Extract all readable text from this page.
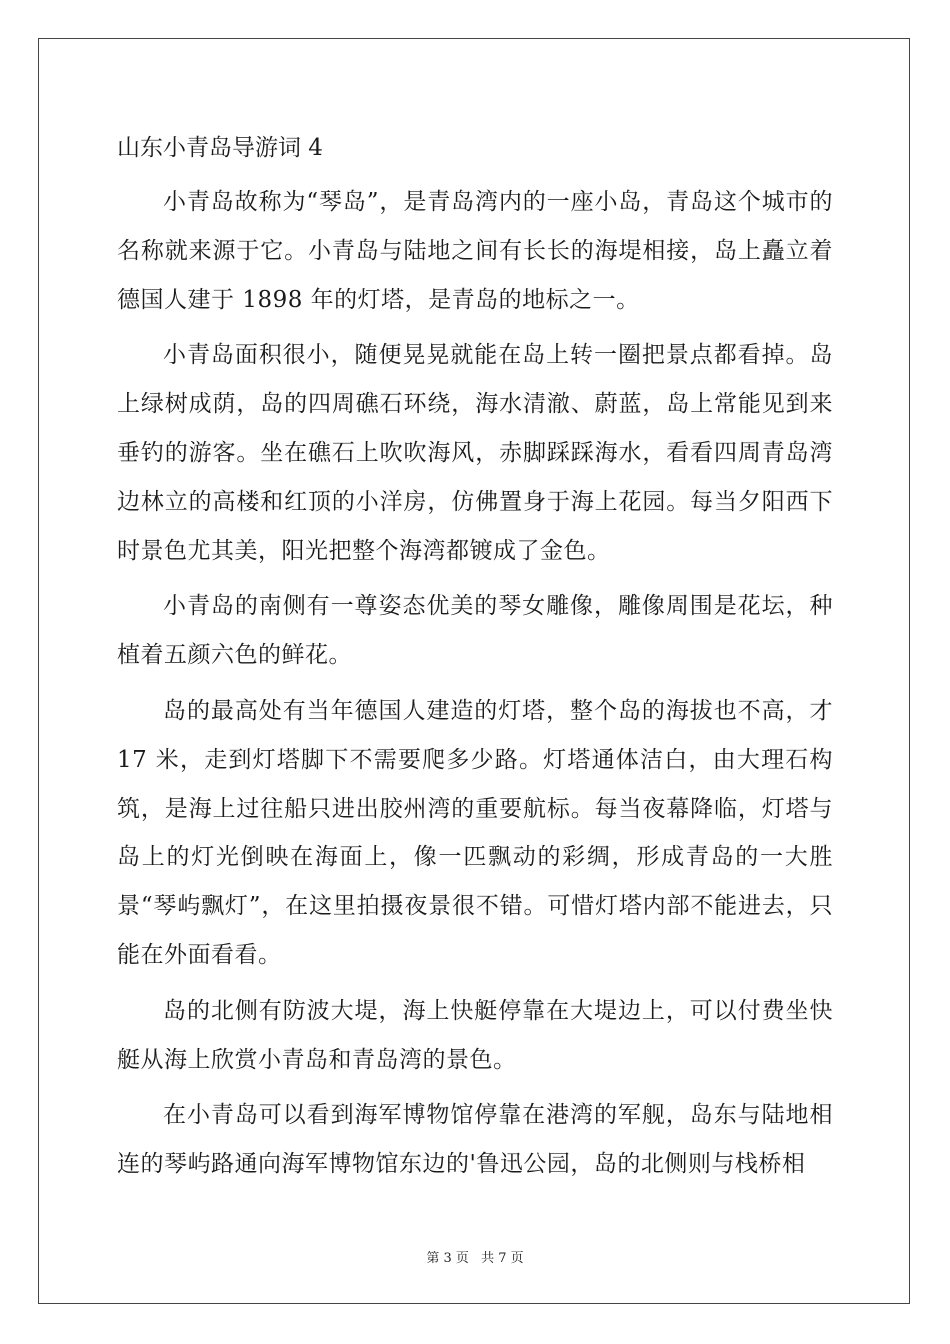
山东小青岛导游词 4

小青岛故称为“琴岛”，是青岛湾内的一座小岛，青岛这个城市的名称就来源于它。小青岛与陆地之间有长长的海堤相接，岛上矗立着德国人建于 1898 年的灯塔，是青岛的地标之一。

小青岛面积很小，随便晃晃就能在岛上转一圈把景点都看掉。岛上绿树成荫，岛的四周礁石环绕，海水清澈、蔚蓝，岛上常能见到来垂钓的游客。坐在礁石上吹吹海风，赤脚踩踩海水，看看四周青岛湾边林立的高楼和红顶的小洋房，仿佛置身于海上花园。每当夕阳西下时景色尤其美，阳光把整个海湾都镀成了金色。

小青岛的南侧有一尊姿态优美的琴女雕像，雕像周围是花坛，种植着五颜六色的鲜花。

岛的最高处有当年德国人建造的灯塔，整个岛的海拔也不高，才 17 米，走到灯塔脚下不需要爬多少路。灯塔通体洁白，由大理石构筑，是海上过往船只进出胶州湾的重要航标。每当夜幕降临，灯塔与岛上的灯光倒映在海面上，像一匹飘动的彩绸，形成青岛的一大胜景“琴屿飘灯”，在这里拍摄夜景很不错。可惜灯塔内部不能进去，只能在外面看看。

岛的北侧有防波大堤，海上快艇停靠在大堤边上，可以付费坐快艇从海上欣赏小青岛和青岛湾的景色。

在小青岛可以看到海军博物馆停靠在港湾的军舰，岛东与陆地相连的琴屿路通向海军博物馆东边的'鲁迅公园，岛的北侧则与栈桥相

第 3 页 共 7 页
